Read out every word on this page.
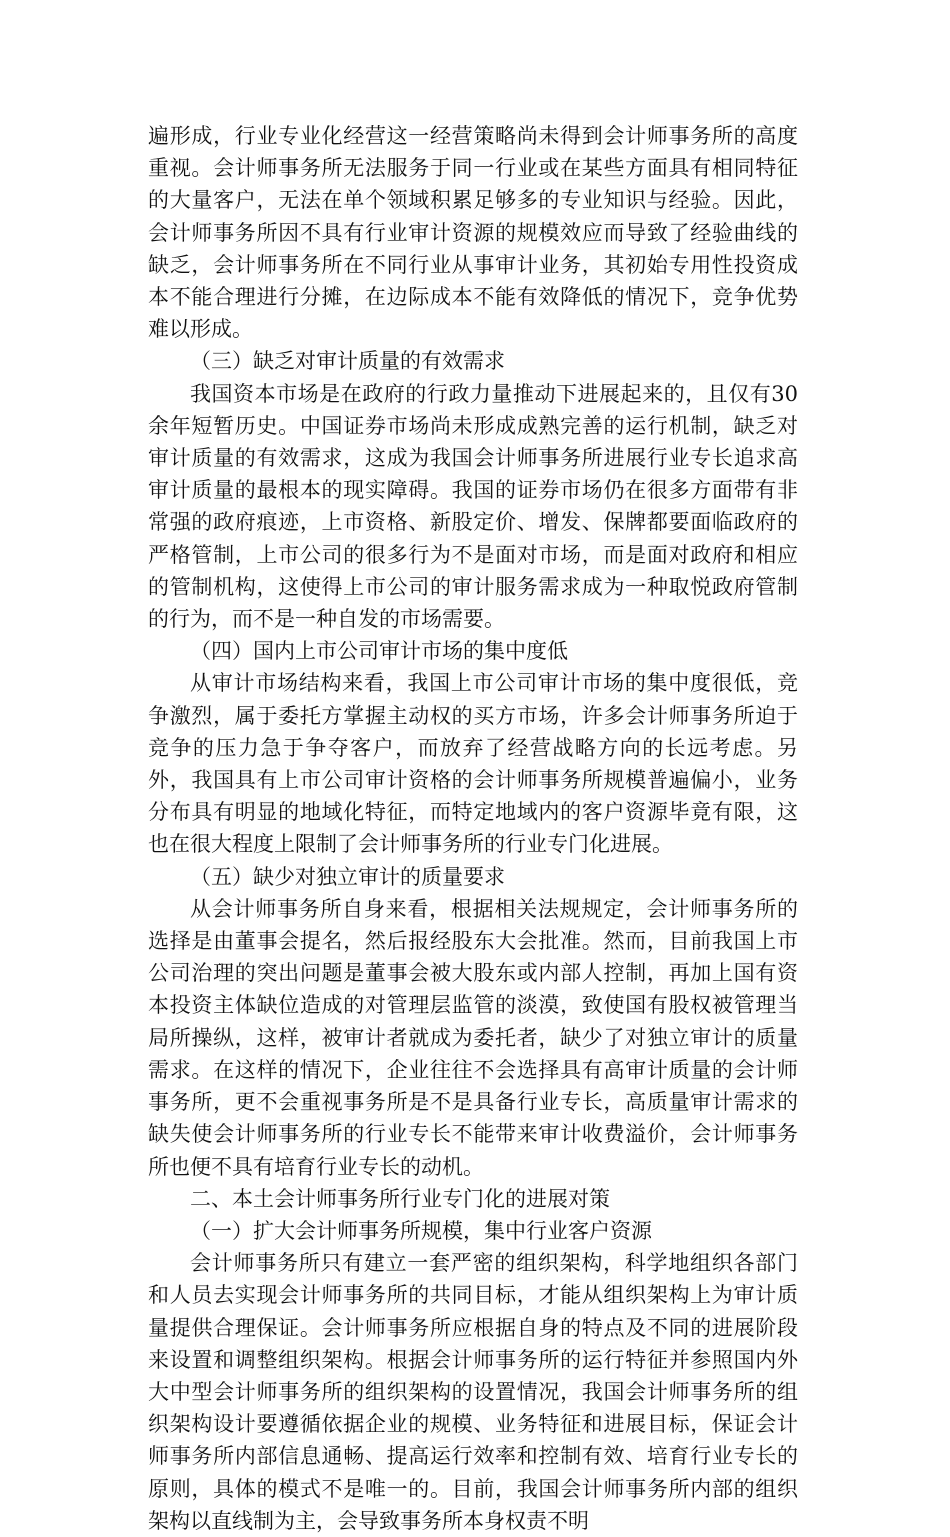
遍形成，行业专业化经营这一经营策略尚未得到会计师事务所的高度重视。会计师事务所无法服务于同一行业或在某些方面具有相同特征的大量客户，无法在单个领域积累足够多的专业知识与经验。因此，会计师事务所因不具有行业审计资源的规模效应而导致了经验曲线的缺乏，会计师事务所在不同行业从事审计业务，其初始专用性投资成本不能合理进行分摊，在边际成本不能有效降低的情况下，竞争优势难以形成。

（三）缺乏对审计质量的有效需求

我国资本市场是在政府的行政力量推动下进展起来的，且仅有30余年短暂历史。中国证券市场尚未形成成熟完善的运行机制，缺乏对审计质量的有效需求，这成为我国会计师事务所进展行业专长追求高审计质量的最根本的现实障碍。我国的证券市场仍在很多方面带有非常强的政府痕迹，上市资格、新股定价、增发、保牌都要面临政府的严格管制，上市公司的很多行为不是面对市场，而是面对政府和相应的管制机构，这使得上市公司的审计服务需求成为一种取悦政府管制的行为，而不是一种自发的市场需要。

（四）国内上市公司审计市场的集中度低

从审计市场结构来看，我国上市公司审计市场的集中度很低，竞争激烈，属于委托方掌握主动权的买方市场，许多会计师事务所迫于竞争的压力急于争夺客户，而放弃了经营战略方向的长远考虑。另外，我国具有上市公司审计资格的会计师事务所规模普遍偏小，业务分布具有明显的地域化特征，而特定地域内的客户资源毕竟有限，这也在很大程度上限制了会计师事务所的行业专门化进展。

（五）缺少对独立审计的质量要求

从会计师事务所自身来看，根据相关法规规定，会计师事务所的选择是由董事会提名，然后报经股东大会批准。然而，目前我国上市公司治理的突出问题是董事会被大股东或内部人控制，再加上国有资本投资主体缺位造成的对管理层监管的淡漠，致使国有股权被管理当局所操纵，这样，被审计者就成为委托者，缺少了对独立审计的质量需求。在这样的情况下，企业往往不会选择具有高审计质量的会计师事务所，更不会重视事务所是不是具备行业专长，高质量审计需求的缺失使会计师事务所的行业专长不能带来审计收费溢价，会计师事务所也便不具有培育行业专长的动机。

二、本土会计师事务所行业专门化的进展对策

（一）扩大会计师事务所规模，集中行业客户资源

会计师事务所只有建立一套严密的组织架构，科学地组织各部门和人员去实现会计师事务所的共同目标，才能从组织架构上为审计质量提供合理保证。会计师事务所应根据自身的特点及不同的进展阶段来设置和调整组织架构。根据会计师事务所的运行特征并参照国内外大中型会计师事务所的组织架构的设置情况，我国会计师事务所的组织架构设计要遵循依据企业的规模、业务特征和进展目标，保证会计师事务所内部信息通畅、提高运行效率和控制有效、培育行业专长的原则，具体的模式不是唯一的。目前，我国会计师事务所内部的组织架构以直线制为主，会导致事务所本身权责不明
